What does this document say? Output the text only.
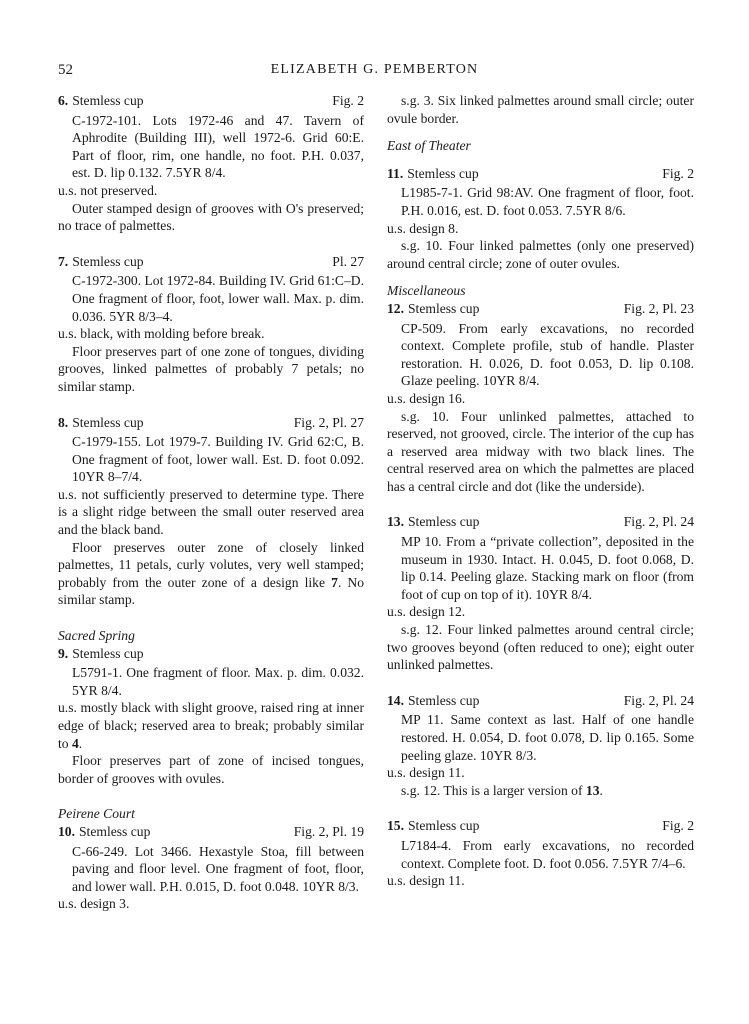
52	ELIZABETH G. PEMBERTON
6. Stemless cup	Fig. 2

C-1972-101. Lots 1972-46 and 47. Tavern of Aphrodite (Building III), well 1972-6. Grid 60:E. Part of floor, rim, one handle, no foot. P.H. 0.037, est. D. lip 0.132. 7.5YR 8/4.

u.s. not preserved.

Outer stamped design of grooves with O's preserved; no trace of palmettes.

7. Stemless cup	Pl. 27

C-1972-300. Lot 1972-84. Building IV. Grid 61:C–D. One fragment of floor, foot, lower wall. Max. p. dim. 0.036. 5YR 8/3–4.

u.s. black, with molding before break.

Floor preserves part of one zone of tongues, dividing grooves, linked palmettes of probably 7 petals; no similar stamp.

8. Stemless cup	Fig. 2, Pl. 27

C-1979-155. Lot 1979-7. Building IV. Grid 62:C, B. One fragment of foot, lower wall. Est. D. foot 0.092. 10YR 8–7/4.

u.s. not sufficiently preserved to determine type. There is a slight ridge between the small outer reserved area and the black band.

Floor preserves outer zone of closely linked palmettes, 11 petals, curly volutes, very well stamped; probably from the outer zone of a design like 7. No similar stamp.

Sacred Spring

9. Stemless cup

L5791-1. One fragment of floor. Max. p. dim. 0.032. 5YR 8/4.

u.s. mostly black with slight groove, raised ring at inner edge of black; reserved area to break; probably similar to 4.

Floor preserves part of zone of incised tongues, border of grooves with ovules.

Peirene Court

10. Stemless cup	Fig. 2, Pl. 19

C-66-249. Lot 3466. Hexastyle Stoa, fill between paving and floor level. One fragment of foot, floor, and lower wall. P.H. 0.015, D. foot 0.048. 10YR 8/3.

u.s. design 3.

s.g. 3. Six linked palmettes around small circle; outer ovule border.

East of Theater

11. Stemless cup	Fig. 2

L1985-7-1. Grid 98:AV. One fragment of floor, foot. P.H. 0.016, est. D. foot 0.053. 7.5YR 8/6.

u.s. design 8.

s.g. 10. Four linked palmettes (only one preserved) around central circle; zone of outer ovules.

Miscellaneous

12. Stemless cup	Fig. 2, Pl. 23

CP-509. From early excavations, no recorded context. Complete profile, stub of handle. Plaster restoration. H. 0.026, D. foot 0.053, D. lip 0.108. Glaze peeling. 10YR 8/4.

u.s. design 16.

s.g. 10. Four unlinked palmettes, attached to reserved, not grooved, circle. The interior of the cup has a reserved area midway with two black lines. The central reserved area on which the palmettes are placed has a central circle and dot (like the underside).

13. Stemless cup	Fig. 2, Pl. 24

MP 10. From a “private collection”, deposited in the museum in 1930. Intact. H. 0.045, D. foot 0.068, D. lip 0.14. Peeling glaze. Stacking mark on floor (from foot of cup on top of it). 10YR 8/4.

u.s. design 12.

s.g. 12. Four linked palmettes around central circle; two grooves beyond (often reduced to one); eight outer unlinked palmettes.

14. Stemless cup	Fig. 2, Pl. 24

MP 11. Same context as last. Half of one handle restored. H. 0.054, D. foot 0.078, D. lip 0.165. Some peeling glaze. 10YR 8/3.

u.s. design 11.

s.g. 12. This is a larger version of 13.

15. Stemless cup	Fig. 2

L7184-4. From early excavations, no recorded context. Complete foot. D. foot 0.056. 7.5YR 7/4–6.

u.s. design 11.
